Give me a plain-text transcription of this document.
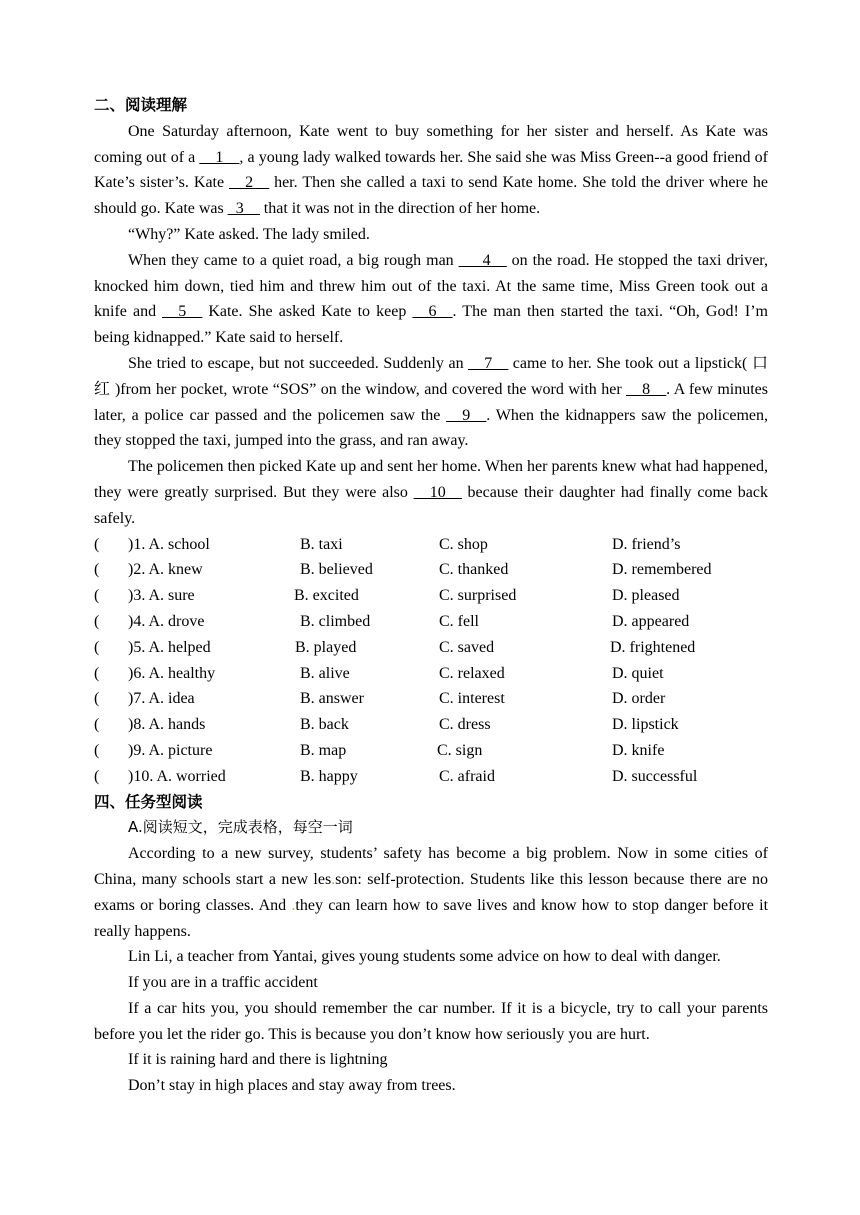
二、阅读理解
One Saturday afternoon, Kate went to buy something for her sister and herself. As Kate was coming out of a __1__, a young lady walked towards her. She said she was Miss Green--a good friend of Kate’s sister’s. Kate __2__ her. Then she called a taxi to send Kate home. She told the driver where he should go. Kate was _3__ that it was not in the direction of her home.
“Why?” Kate asked. The lady smiled.
When they came to a quiet road, a big rough man ___4__ on the road. He stopped the taxi driver, knocked him down, tied him and threw him out of the taxi. At the same time, Miss Green took out a knife and __5__ Kate. She asked Kate to keep __6__. The man then started the taxi. “Oh, God! I’m being kidnapped.” Kate said to herself.
She tried to escape, but not succeeded. Suddenly an __7__ came to her. She took out a lipstick( 口红 )from her pocket, wrote “SOS” on the window, and covered the word with her __8__. A few minutes later, a police car passed and the policemen saw the __9__. When the kidnappers saw the policemen, they stopped the taxi, jumped into the grass, and ran away.
The policemen then picked Kate up and sent her home. When her parents knew what had happened, they were greatly surprised. But they were also __10__ because their daughter had finally come back safely.
( )1. A. school	B. taxi	C. shop	D. friend’s
( )2. A. knew	B. believed	C. thanked	D. remembered
( )3. A. sure	B. excited	C. surprised	D. pleased
( )4. A. drove	B. climbed	C. fell	D. appeared
( )5. A. helped	B. played	C. saved	D. frightened
( )6. A. healthy	B. alive	C. relaxed	D. quiet
( )7. A. idea	B. answer	C. interest	D. order
( )8. A. hands	B. back	C. dress	D. lipstick
( )9. A. picture	B. map	C. sign	D. knife
( )10. A. worried	B. happy	C. afraid	D. successful
四、任务型阅读
A.阅读短文，完成表格，每空一词
According to a new survey, students’ safety has become a big problem. Now in some cities of China, many schools start a new les.son: self-protection. Students like this lesson because there are no exams or boring classes. And .they can learn how to save lives and know how to stop danger before it really happens.
Lin Li, a teacher from Yantai, gives young students some advice on how to deal with danger.
If you are in a traffic accident
If a car hits you, you should remember the car number. If it is a bicycle, try to call your parents before you let the rider go. This is because you don’t know how seriously you are hurt.
If it is raining hard and there is lightning
Don’t stay in high places and stay away from trees.
